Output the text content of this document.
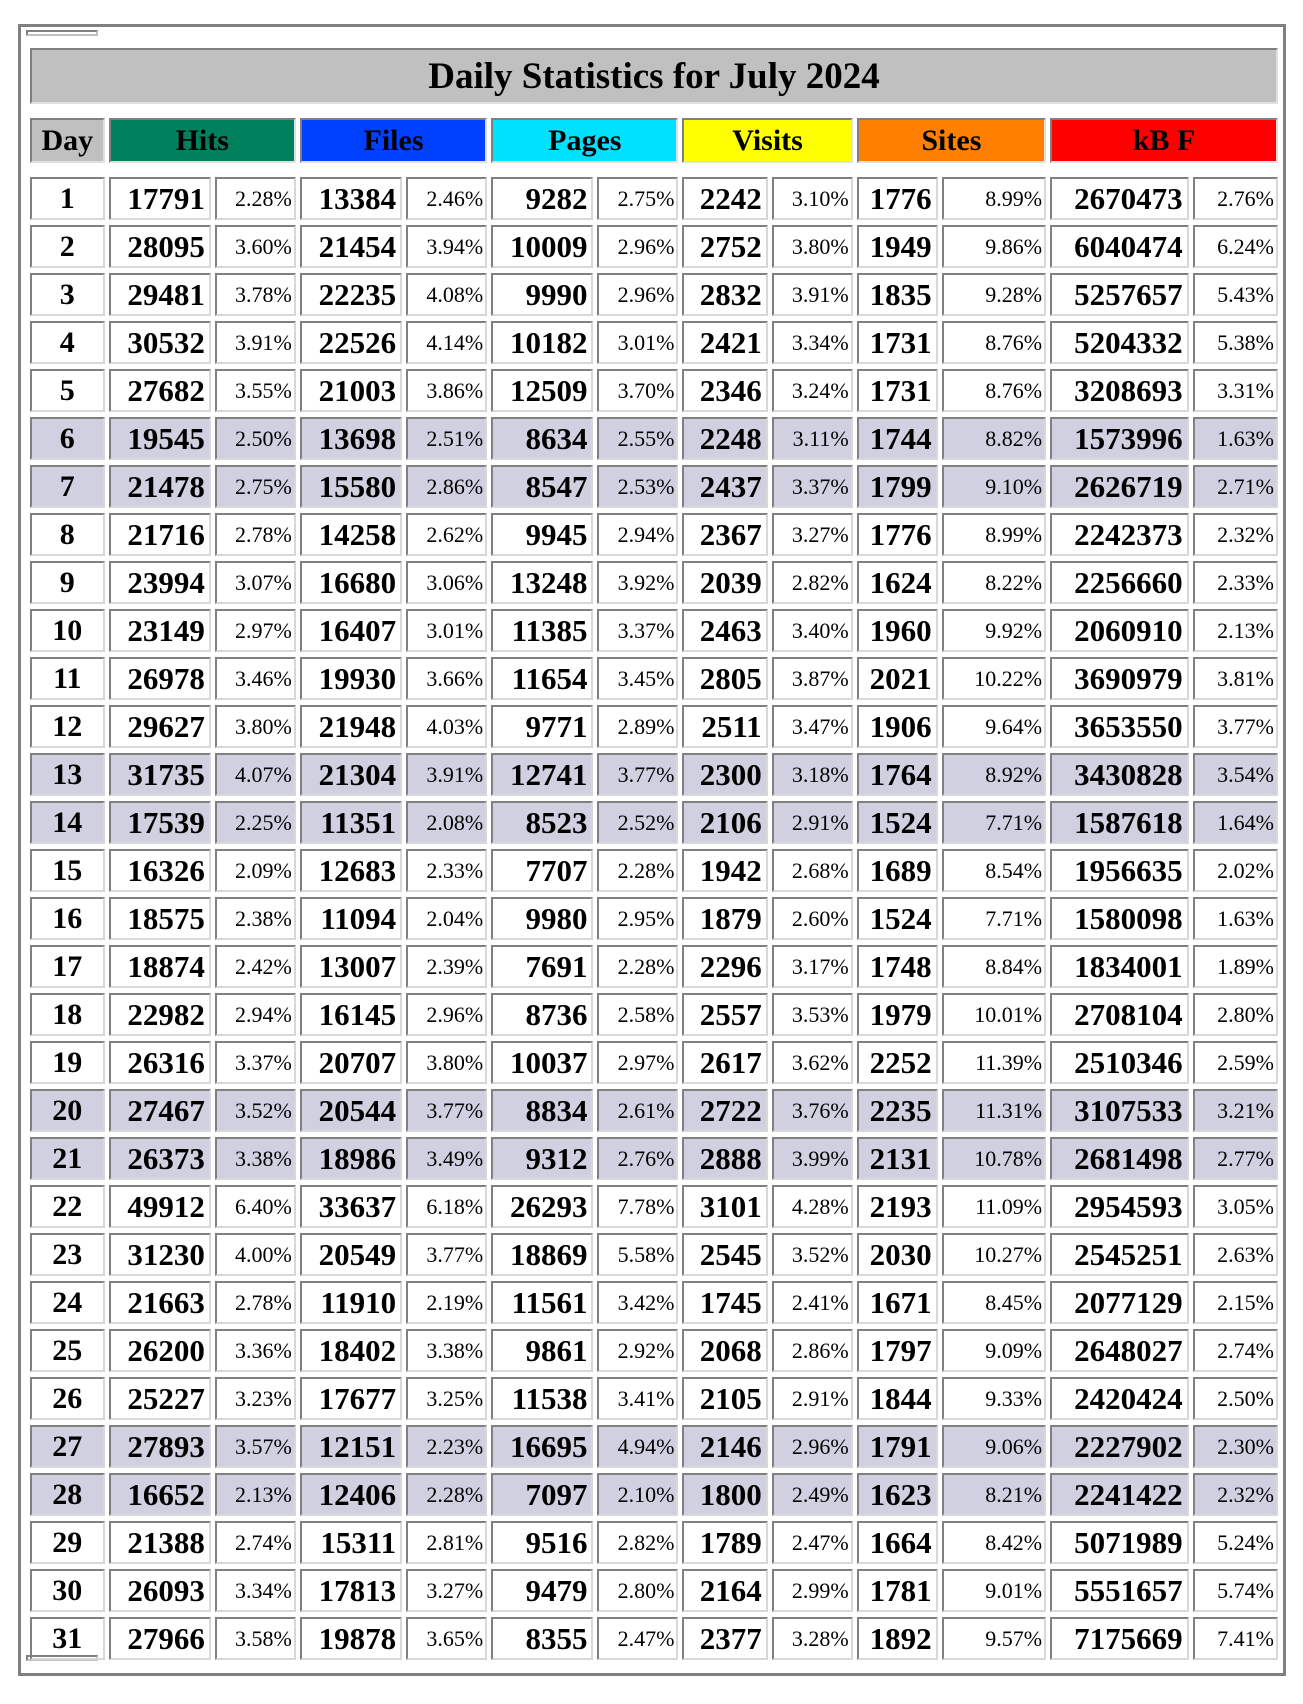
Daily Statistics for July 2024												

Day	Hits		Files		Pages		Visits		Sites		kB F	

1	17791	2.28%	13384	2.46%	9282	2.75%	2242	3.10%	1776	8.99%	2670473	2.76%
2	28095	3.60%	21454	3.94%	10009	2.96%	2752	3.80%	1949	9.86%	6040474	6.24%
3	29481	3.78%	22235	4.08%	9990	2.96%	2832	3.91%	1835	9.28%	5257657	5.43%
4	30532	3.91%	22526	4.14%	10182	3.01%	2421	3.34%	1731	8.76%	5204332	5.38%
5	27682	3.55%	21003	3.86%	12509	3.70%	2346	3.24%	1731	8.76%	3208693	3.31%
6	19545	2.50%	13698	2.51%	8634	2.55%	2248	3.11%	1744	8.82%	1573996	1.63%
7	21478	2.75%	15580	2.86%	8547	2.53%	2437	3.37%	1799	9.10%	2626719	2.71%
8	21716	2.78%	14258	2.62%	9945	2.94%	2367	3.27%	1776	8.99%	2242373	2.32%
9	23994	3.07%	16680	3.06%	13248	3.92%	2039	2.82%	1624	8.22%	2256660	2.33%
10	23149	2.97%	16407	3.01%	11385	3.37%	2463	3.40%	1960	9.92%	2060910	2.13%
11	26978	3.46%	19930	3.66%	11654	3.45%	2805	3.87%	2021	10.22%	3690979	3.81%
12	29627	3.80%	21948	4.03%	9771	2.89%	2511	3.47%	1906	9.64%	3653550	3.77%
13	31735	4.07%	21304	3.91%	12741	3.77%	2300	3.18%	1764	8.92%	3430828	3.54%
14	17539	2.25%	11351	2.08%	8523	2.52%	2106	2.91%	1524	7.71%	1587618	1.64%
15	16326	2.09%	12683	2.33%	7707	2.28%	1942	2.68%	1689	8.54%	1956635	2.02%
16	18575	2.38%	11094	2.04%	9980	2.95%	1879	2.60%	1524	7.71%	1580098	1.63%
17	18874	2.42%	13007	2.39%	7691	2.28%	2296	3.17%	1748	8.84%	1834001	1.89%
18	22982	2.94%	16145	2.96%	8736	2.58%	2557	3.53%	1979	10.01%	2708104	2.80%
19	26316	3.37%	20707	3.80%	10037	2.97%	2617	3.62%	2252	11.39%	2510346	2.59%
20	27467	3.52%	20544	3.77%	8834	2.61%	2722	3.76%	2235	11.31%	3107533	3.21%
21	26373	3.38%	18986	3.49%	9312	2.76%	2888	3.99%	2131	10.78%	2681498	2.77%
22	49912	6.40%	33637	6.18%	26293	7.78%	3101	4.28%	2193	11.09%	2954593	3.05%
23	31230	4.00%	20549	3.77%	18869	5.58%	2545	3.52%	2030	10.27%	2545251	2.63%
24	21663	2.78%	11910	2.19%	11561	3.42%	1745	2.41%	1671	8.45%	2077129	2.15%
25	26200	3.36%	18402	3.38%	9861	2.92%	2068	2.86%	1797	9.09%	2648027	2.74%
26	25227	3.23%	17677	3.25%	11538	3.41%	2105	2.91%	1844	9.33%	2420424	2.50%
27	27893	3.57%	12151	2.23%	16695	4.94%	2146	2.96%	1791	9.06%	2227902	2.30%
28	16652	2.13%	12406	2.28%	7097	2.10%	1800	2.49%	1623	8.21%	2241422	2.32%
29	21388	2.74%	15311	2.81%	9516	2.82%	1789	2.47%	1664	8.42%	5071989	5.24%
30	26093	3.34%	17813	3.27%	9479	2.80%	2164	2.99%	1781	9.01%	5551657	5.74%
31	27966	3.58%	19878	3.65%	8355	2.47%	2377	3.28%	1892	9.57%	7175669	7.41%
